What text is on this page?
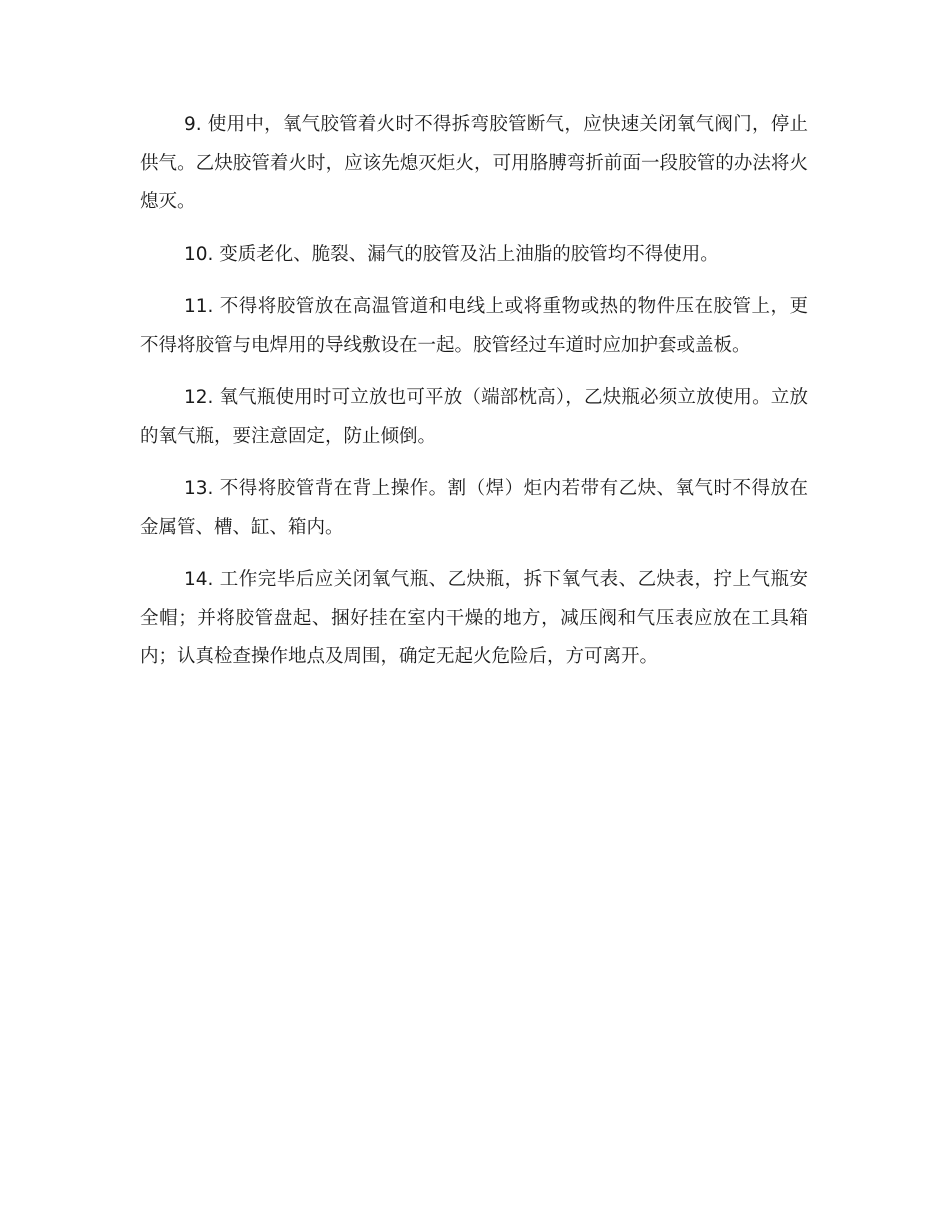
9. 使用中，氧气胶管着火时不得拆弯胶管断气，应快速关闭氧气阀门，停止供气。乙炔胶管着火时，应该先熄灭炬火，可用胳膊弯折前面一段胶管的办法将火熄灭。

10. 变质老化、脆裂、漏气的胶管及沾上油脂的胶管均不得使用。

11. 不得将胶管放在高温管道和电线上或将重物或热的物件压在胶管上，更不得将胶管与电焊用的导线敷设在一起。胶管经过车道时应加护套或盖板。

12. 氧气瓶使用时可立放也可平放（端部枕高），乙炔瓶必须立放使用。立放的氧气瓶，要注意固定，防止倾倒。

13. 不得将胶管背在背上操作。割（焊）炬内若带有乙炔、氧气时不得放在金属管、槽、缸、箱内。

14. 工作完毕后应关闭氧气瓶、乙炔瓶，拆下氧气表、乙炔表，拧上气瓶安全帽；并将胶管盘起、捆好挂在室内干燥的地方，减压阀和气压表应放在工具箱内；认真检查操作地点及周围，确定无起火危险后，方可离开。
